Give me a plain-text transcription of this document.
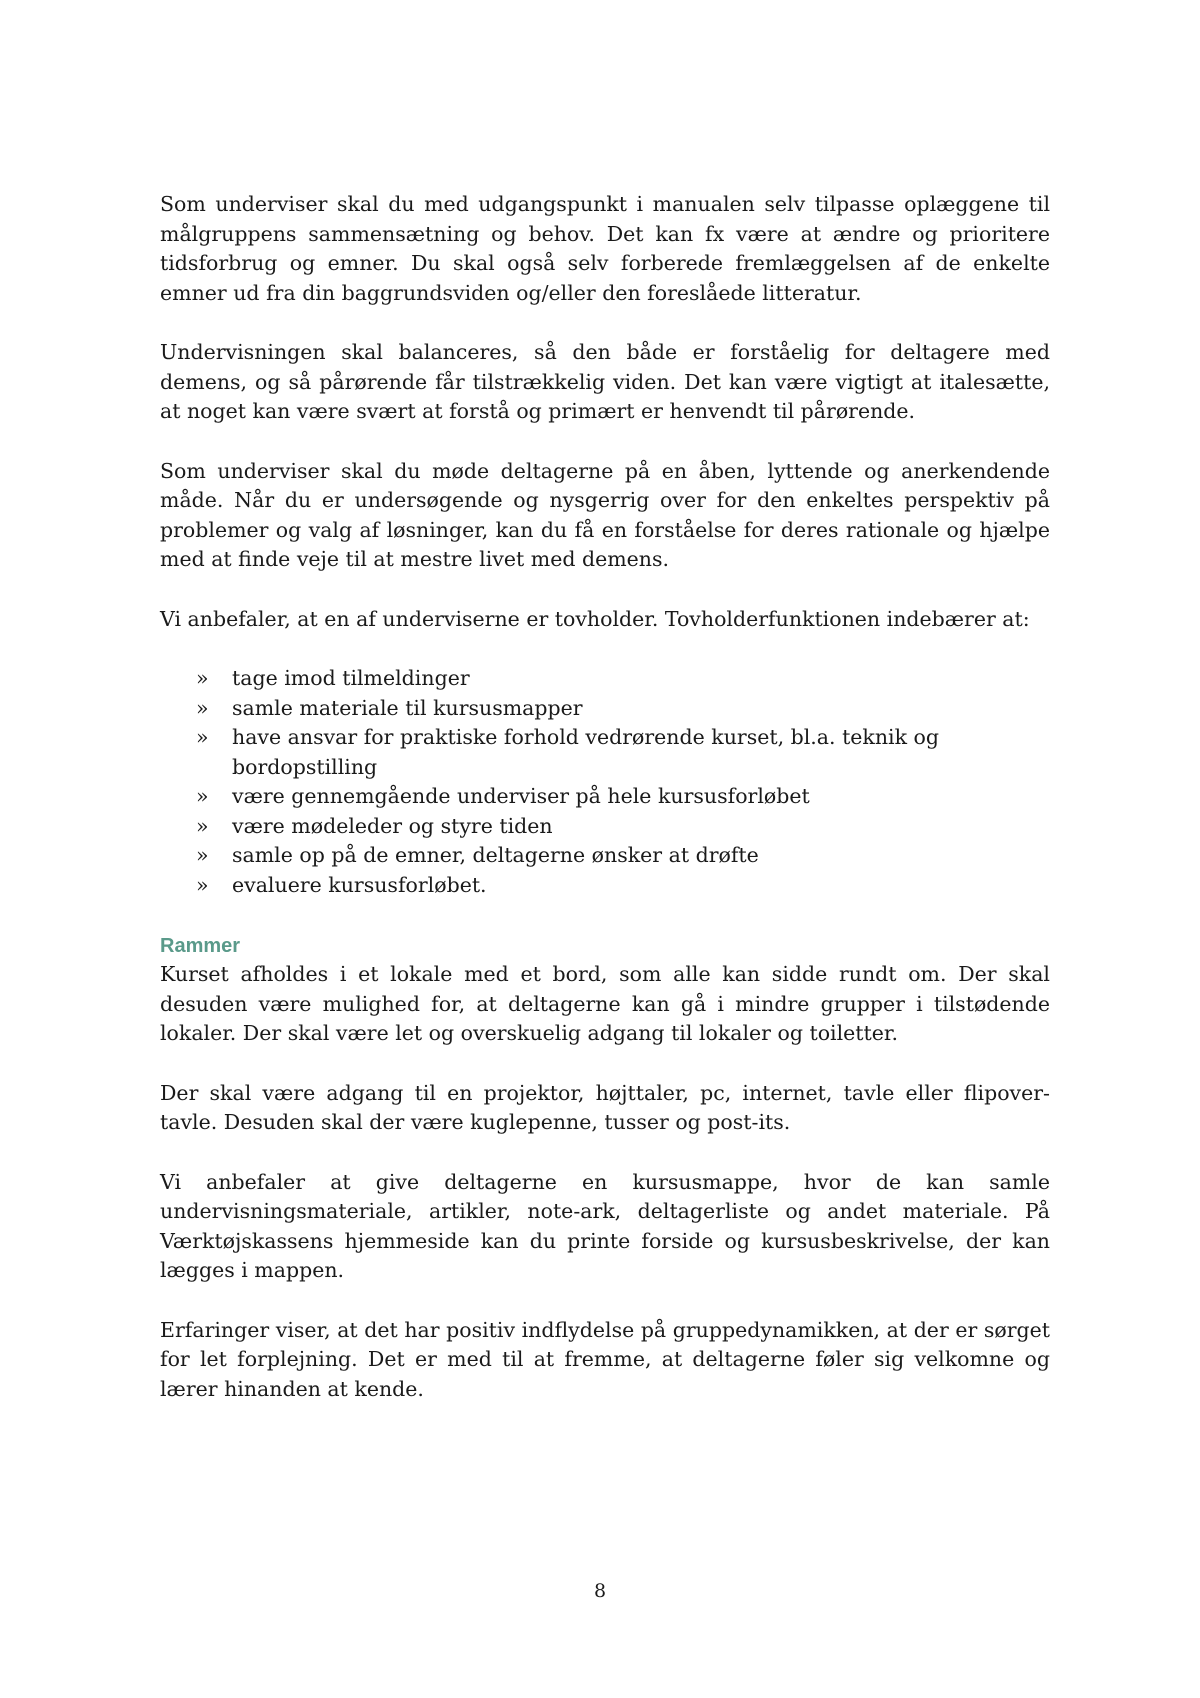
Som underviser skal du med udgangspunkt i manualen selv tilpasse oplæggene til målgruppens sammensætning og behov. Det kan fx være at ændre og prioritere tidsforbrug og emner. Du skal også selv forberede fremlæggelsen af de enkelte emner ud fra din baggrundsviden og/eller den foreslåede litteratur.

Undervisningen skal balanceres, så den både er forståelig for deltagere med demens, og så pårørende får tilstrækkelig viden. Det kan være vigtigt at italesætte, at noget kan være svært at forstå og primært er henvendt til pårørende.

Som underviser skal du møde deltagerne på en åben, lyttende og anerkendende måde. Når du er undersøgende og nysgerrig over for den enkeltes perspektiv på problemer og valg af løsninger, kan du få en forståelse for deres rationale og hjælpe med at finde veje til at mestre livet med demens.

Vi anbefaler, at en af underviserne er tovholder. Tovholderfunktionen indebærer at:

» tage imod tilmeldinger
» samle materiale til kursusmapper
» have ansvar for praktiske forhold vedrørende kurset, bl.a. teknik og bordopstilling
» være gennemgående underviser på hele kursusforløbet
» være mødeleder og styre tiden
» samle op på de emner, deltagerne ønsker at drøfte
» evaluere kursusforløbet.
Rammer

Kurset afholdes i et lokale med et bord, som alle kan sidde rundt om. Der skal desuden være mulighed for, at deltagerne kan gå i mindre grupper i tilstødende lokaler. Der skal være let og overskuelig adgang til lokaler og toiletter.

Der skal være adgang til en projektor, højttaler, pc, internet, tavle eller flipover-tavle. Desuden skal der være kuglepenne, tusser og post-its.

Vi anbefaler at give deltagerne en kursusmappe, hvor de kan samle undervisningsmateriale, artikler, note-ark, deltagerliste og andet materiale. På Værktøjskassens hjemmeside kan du printe forside og kursusbeskrivelse, der kan lægges i mappen.

Erfaringer viser, at det har positiv indflydelse på gruppedynamikken, at der er sørget for let forplejning. Det er med til at fremme, at deltagerne føler sig velkomne og lærer hinanden at kende.

8
